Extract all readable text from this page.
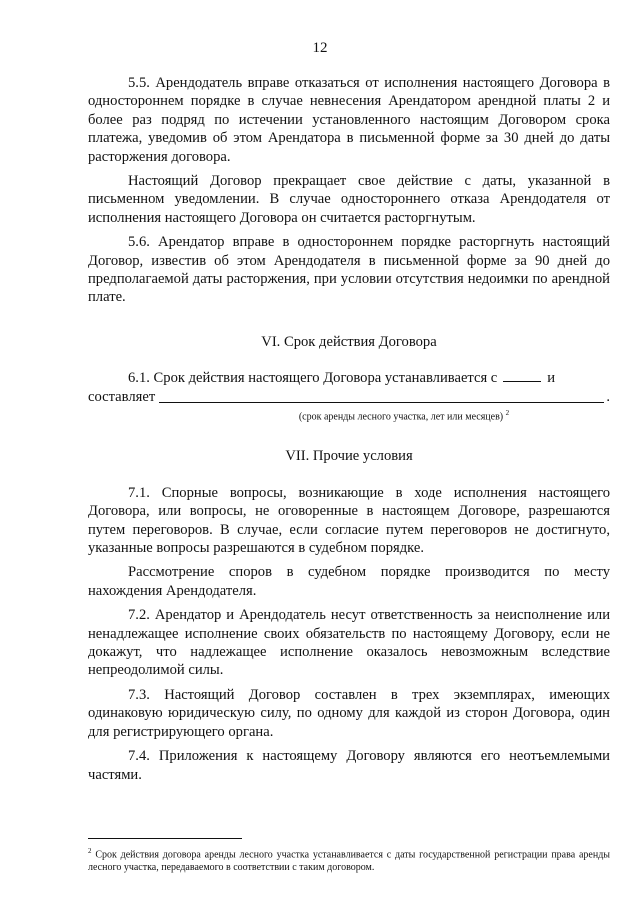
12

5.5. Арендодатель вправе отказаться от исполнения настоящего Договора в одностороннем порядке в случае невнесения Арендатором арендной платы 2 и более раз подряд по истечении установленного настоящим Договором срока платежа, уведомив об этом Арендатора в письменной форме за 30 дней до даты расторжения договора.

Настоящий Договор прекращает свое действие с даты, указанной в письменном уведомлении. В случае одностороннего отказа Арендодателя от исполнения настоящего Договора он считается расторгнутым.

5.6. Арендатор вправе в одностороннем порядке расторгнуть настоящий Договор, известив об этом Арендодателя в письменной форме за 90 дней до предполагаемой даты расторжения, при условии отсутствия недоимки по арендной плате.

VI. Срок действия Договора
6.1. Срок действия настоящего Договора устанавливается с	и
составляет	.
(срок аренды лесного участка, лет или месяцев) $^2$
VII. Прочие условия

7.1. Спорные вопросы, возникающие в ходе исполнения настоящего Договора, или вопросы, не оговоренные в настоящем Договоре, разрешаются путем переговоров. В случае, если согласие путем переговоров не достигнуто, указанные вопросы разрешаются в судебном порядке.

Рассмотрение споров в судебном порядке производится по месту нахождения Арендодателя.

7.2. Арендатор и Арендодатель несут ответственность за неисполнение или ненадлежащее исполнение своих обязательств по настоящему Договору, если не докажут, что надлежащее исполнение оказалось невозможным вследствие непреодолимой силы.

7.3. Настоящий Договор составлен в трех экземплярах, имеющих одинаковую юридическую силу, по одному для каждой из сторон Договора, один для регистрирующего органа.

7.4. Приложения к настоящему Договору являются его неотъемлемыми частями.

$^2$ Срок действия договора аренды лесного участка устанавливается с даты государственной регистрации права аренды лесного участка, передаваемого в соответствии с таким договором.
